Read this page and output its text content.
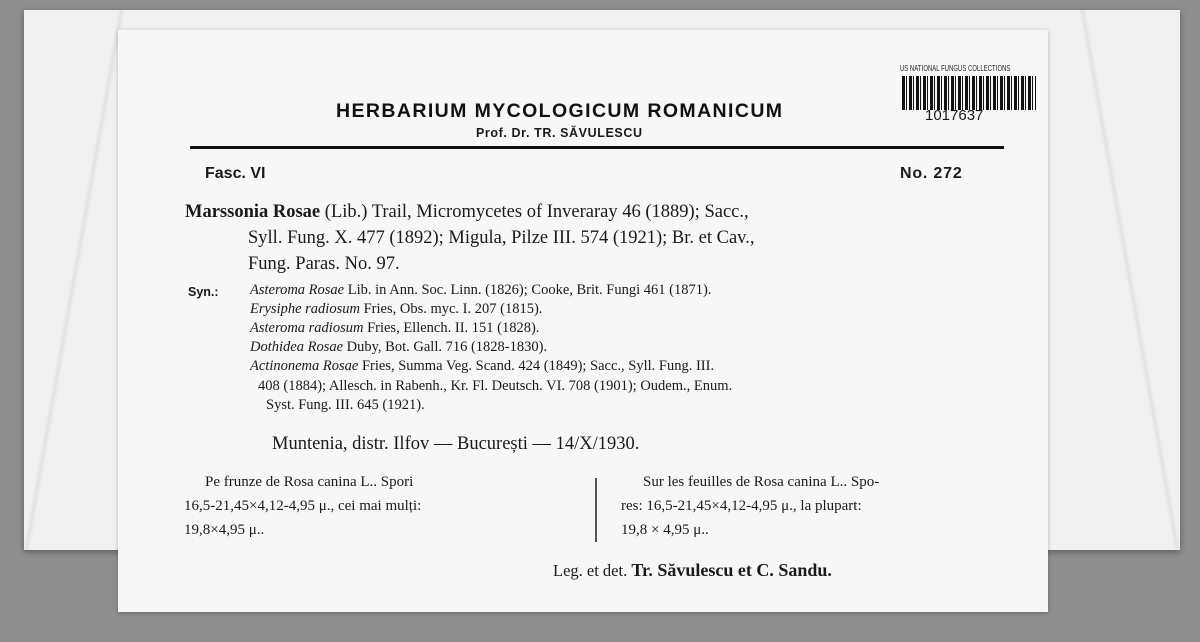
HERBARIUM MYCOLOGICUM ROMANICUM
Prof. Dr. TR. SĂVULESCU
US NATIONAL FUNGUS COLLECTIONS
1017637
Fasc. VI	No. 272
Marssonia Rosae (Lib.) Trail, Micromycetes of Inveraray 46 (1889); Sacc.,
Syll. Fung. X. 477 (1892); Migula, Pilze III. 574 (1921); Br. et Cav.,
Fung. Paras. No. 97.
Syn.: Asteroma Rosae Lib. in Ann. Soc. Linn. (1826); Cooke, Brit. Fungi 461 (1871).
Erysiphe radiosum Fries, Obs. myc. I. 207 (1815).
Asteroma radiosum Fries, Ellench. II. 151 (1828).
Dothidea Rosae Duby, Bot. Gall. 716 (1828-1830).
Actinonema Rosae Fries, Summa Veg. Scand. 424 (1849); Sacc., Syll. Fung. III.
408 (1884); Allesch. in Rabenh., Kr. Fl. Deutsch. VI. 708 (1901); Oudem., Enum.
Syst. Fung. III. 645 (1921).
Muntenia, distr. Ilfov — București — 14/X/1930.
Pe frunze de Rosa canina L.. Spori
16,5-21,45×4,12-4,95 μ., cei mai mulți:
19,8×4,95 μ..
Sur les feuilles de Rosa canina L.. Spo-
res: 16,5-21,45×4,12-4,95 μ., la plupart:
19,8 × 4,95 μ..
Leg. et det. Tr. Săvulescu et C. Sandu.
